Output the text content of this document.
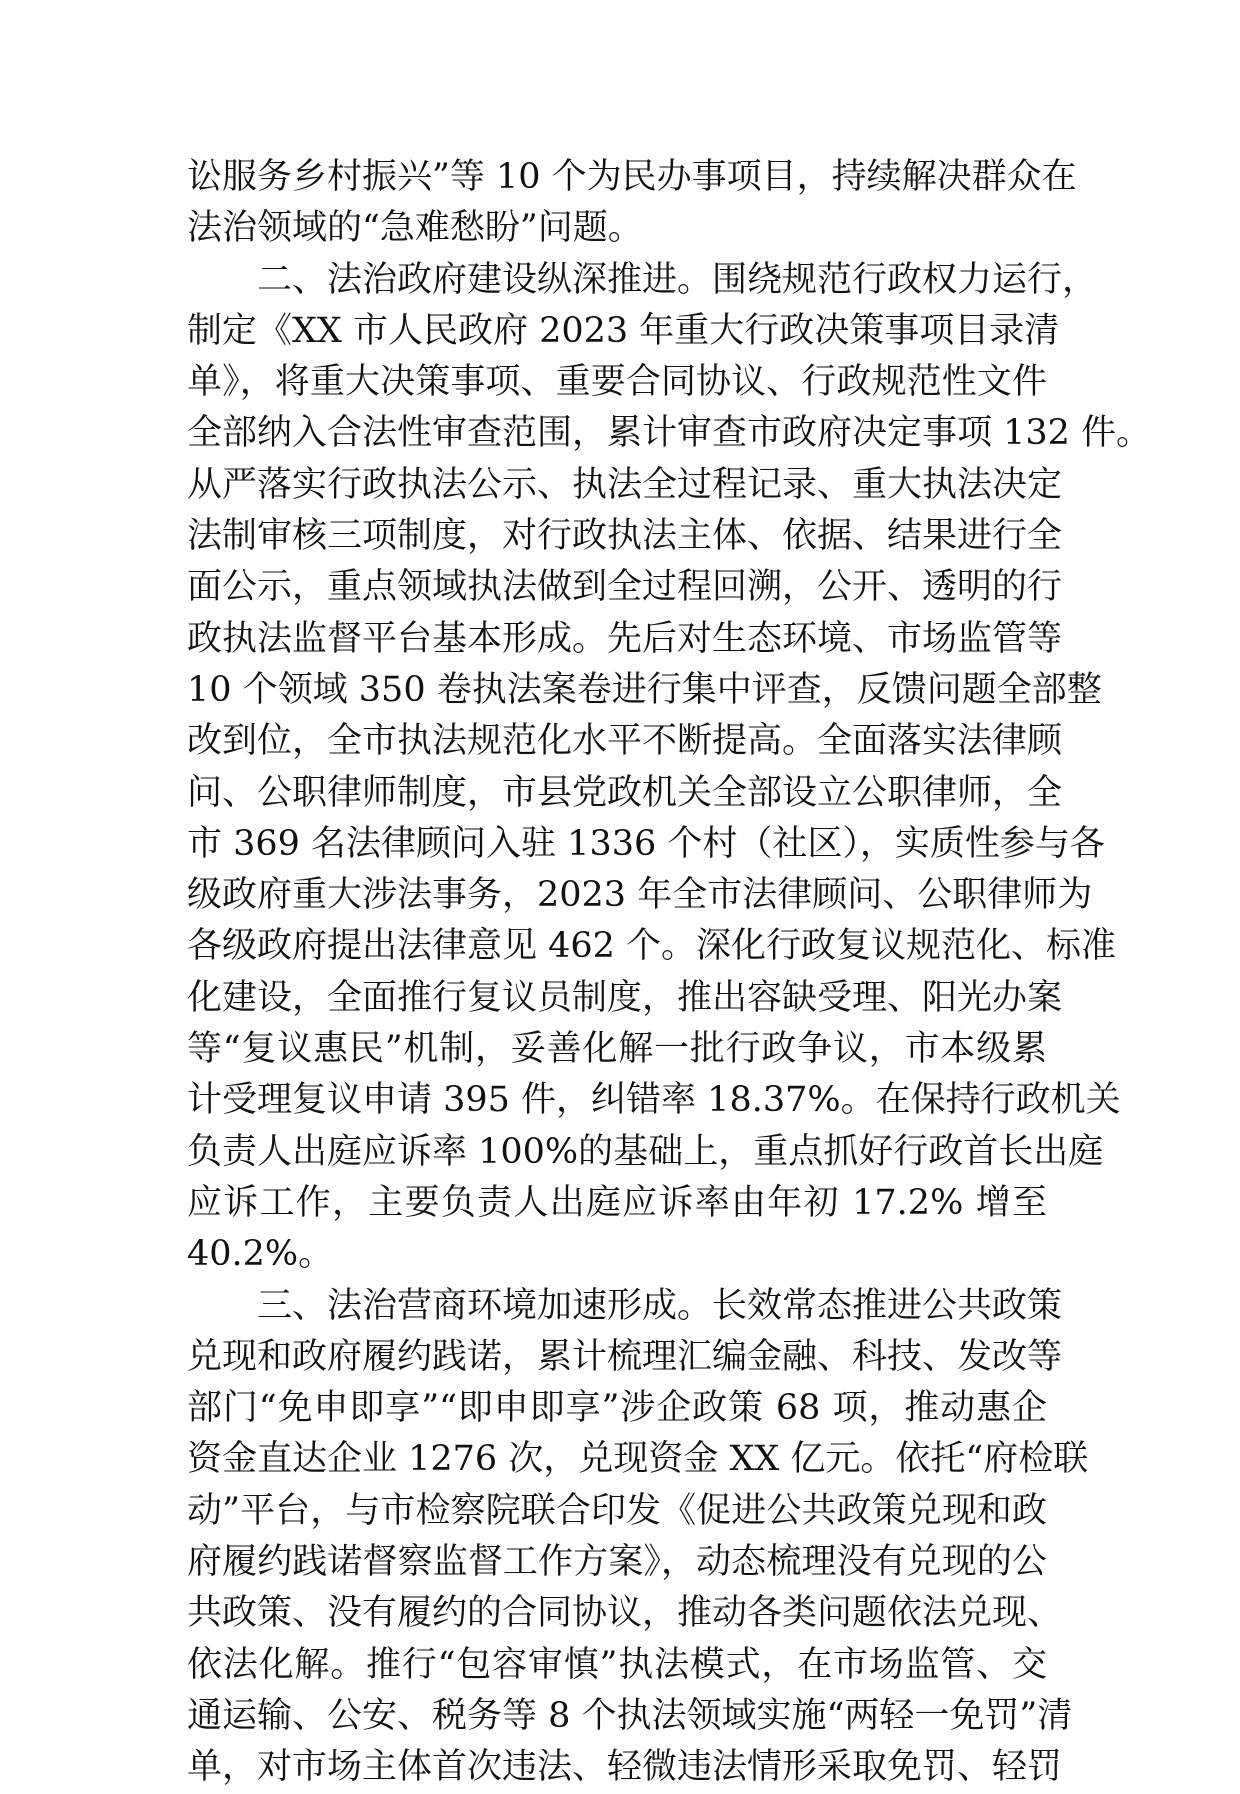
讼服务乡村振兴”等 10 个为民办事项目，持续解决群众在
法治领域的“急难愁盼”问题。
二、法治政府建设纵深推进。围绕规范行政权力运行，
制定《XX 市人民政府 2023 年重大行政决策事项目录清
单》，将重大决策事项、重要合同协议、行政规范性文件
全部纳入合法性审查范围，累计审查市政府决定事项 132 件。
从严落实行政执法公示、执法全过程记录、重大执法决定
法制审核三项制度，对行政执法主体、依据、结果进行全
面公示，重点领域执法做到全过程回溯，公开、透明的行
政执法监督平台基本形成。先后对生态环境、市场监管等
10 个领域 350 卷执法案卷进行集中评查，反馈问题全部整
改到位，全市执法规范化水平不断提高。全面落实法律顾
问、公职律师制度，市县党政机关全部设立公职律师，全
市 369 名法律顾问入驻 1336 个村（社区），实质性参与各
级政府重大涉法事务，2023 年全市法律顾问、公职律师为
各级政府提出法律意见 462 个。深化行政复议规范化、标准
化建设，全面推行复议员制度，推出容缺受理、阳光办案
等“复议惠民”机制，妥善化解一批行政争议，市本级累
计受理复议申请 395 件，纠错率 18.37%。在保持行政机关
负责人出庭应诉率 100%的基础上，重点抓好行政首长出庭
应诉工作，主要负责人出庭应诉率由年初 17.2% 增至
40.2%。
三、法治营商环境加速形成。长效常态推进公共政策
兑现和政府履约践诺，累计梳理汇编金融、科技、发改等
部门“免申即享”“即申即享”涉企政策 68 项，推动惠企
资金直达企业 1276 次，兑现资金 XX 亿元。依托“府检联
动”平台，与市检察院联合印发《促进公共政策兑现和政
府履约践诺督察监督工作方案》，动态梳理没有兑现的公
共政策、没有履约的合同协议，推动各类问题依法兑现、
依法化解。推行“包容审慎”执法模式，在市场监管、交
通运输、公安、税务等 8 个执法领域实施“两轻一免罚”清
单，对市场主体首次违法、轻微违法情形采取免罚、轻罚
